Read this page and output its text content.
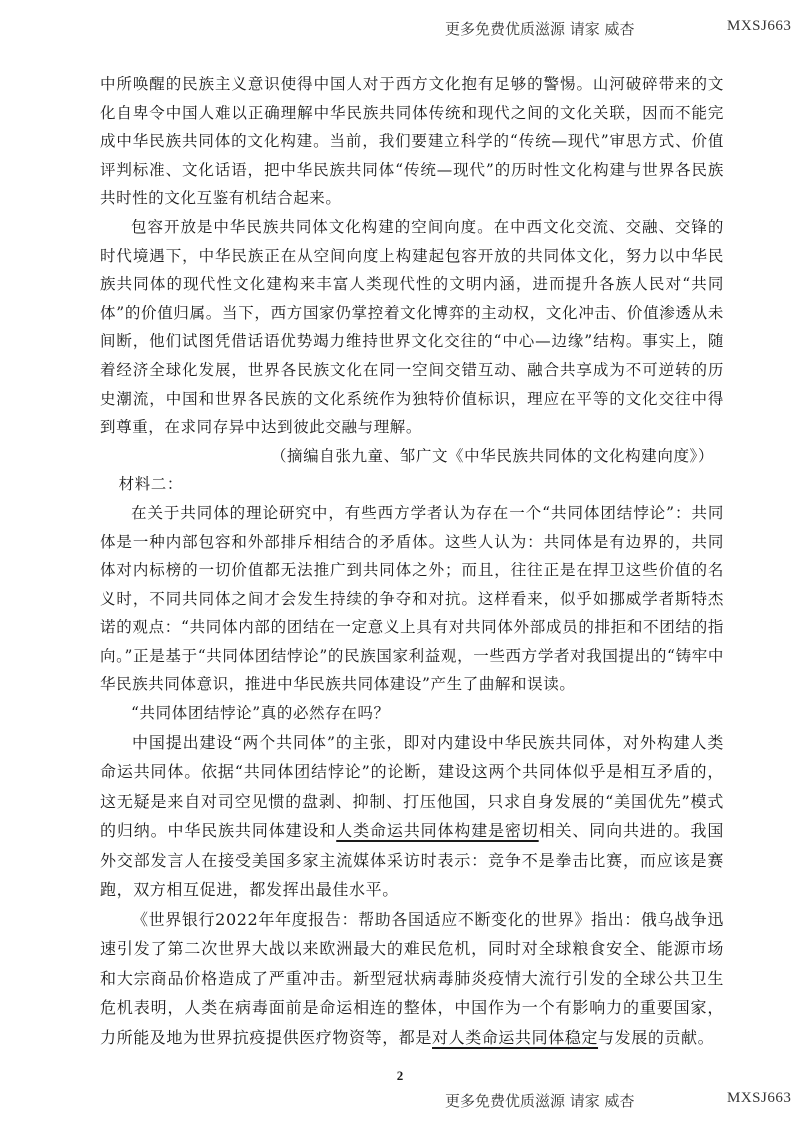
更多免费优质滋源 请家 威杏	MXSJ663

中所唤醒的民族主义意识使得中国人对于西方文化抱有足够的警惕。山河破碎带来的文化自卑令中国人难以正确理解中华民族共同体传统和现代之间的文化关联，因而不能完成中华民族共同体的文化构建。当前，我们要建立科学的“传统—现代”审思方式、价值评判标准、文化话语，把中华民族共同体“传统—现代”的历时性文化构建与世界各民族共时性的文化互鉴有机结合起来。

包容开放是中华民族共同体文化构建的空间向度。在中西文化交流、交融、交锋的时代境遇下，中华民族正在从空间向度上构建起包容开放的共同体文化，努力以中华民族共同体的现代性文化建构来丰富人类现代性的文明内涵，进而提升各族人民对“共同体”的价值归属。当下，西方国家仍掌控着文化博弈的主动权，文化冲击、价值渗透从未间断，他们试图凭借话语优势竭力维持世界文化交往的“中心—边缘”结构。事实上，随着经济全球化发展，世界各民族文化在同一空间交错互动、融合共享成为不可逆转的历史潮流，中国和世界各民族的文化系统作为独特价值标识，理应在平等的文化交往中得到尊重，在求同存异中达到彼此交融与理解。

（摘编自张九童、邹广文《中华民族共同体的文化构建向度》）

材料二：

在关于共同体的理论研究中，有些西方学者认为存在一个“共同体团结悖论”：共同体是一种内部包容和外部排斥相结合的矛盾体。这些人认为：共同体是有边界的，共同体对内标榜的一切价值都无法推广到共同体之外；而且，往往正是在捍卫这些价值的名义时，不同共同体之间才会发生持续的争夺和对抗。这样看来，似乎如挪威学者斯特杰诺的观点：“共同体内部的团结在一定意义上具有对共同体外部成员的排拒和不团结的指向。”正是基于“共同体团结悖论”的民族国家利益观，一些西方学者对我国提出的“铸牢中华民族共同体意识，推进中华民族共同体建设”产生了曲解和误读。

“共同体团结悖论”真的必然存在吗？

中国提出建设“两个共同体”的主张，即对内建设中华民族共同体，对外构建人类命运共同体。依据“共同体团结悖论”的论断，建设这两个共同体似乎是相互矛盾的，这无疑是来自对司空见惯的盘剥、抑制、打压他国，只求自身发展的“美国优先”模式的归纳。中华民族共同体建设和人类命运共同体构建是密切相关、同向共进的。我国外交部发言人在接受美国多家主流媒体采访时表示：竞争不是拳击比赛，而应该是赛跑，双方相互促进，都发挥出最佳水平。

《世界银行2022年年度报告：帮助各国适应不断变化的世界》指出：俄乌战争迅速引发了第二次世界大战以来欧洲最大的难民危机，同时对全球粮食安全、能源市场和大宗商品价格造成了严重冲击。新型冠状病毒肺炎疫情大流行引发的全球公共卫生危机表明，人类在病毒面前是命运相连的整体，中国作为一个有影响力的重要国家，力所能及地为世界抗疫提供医疗物资等，都是对人类命运共同体稳定与发展的贡献。

2
更多免费优质滋源 请家 威杏	MXSJ663
